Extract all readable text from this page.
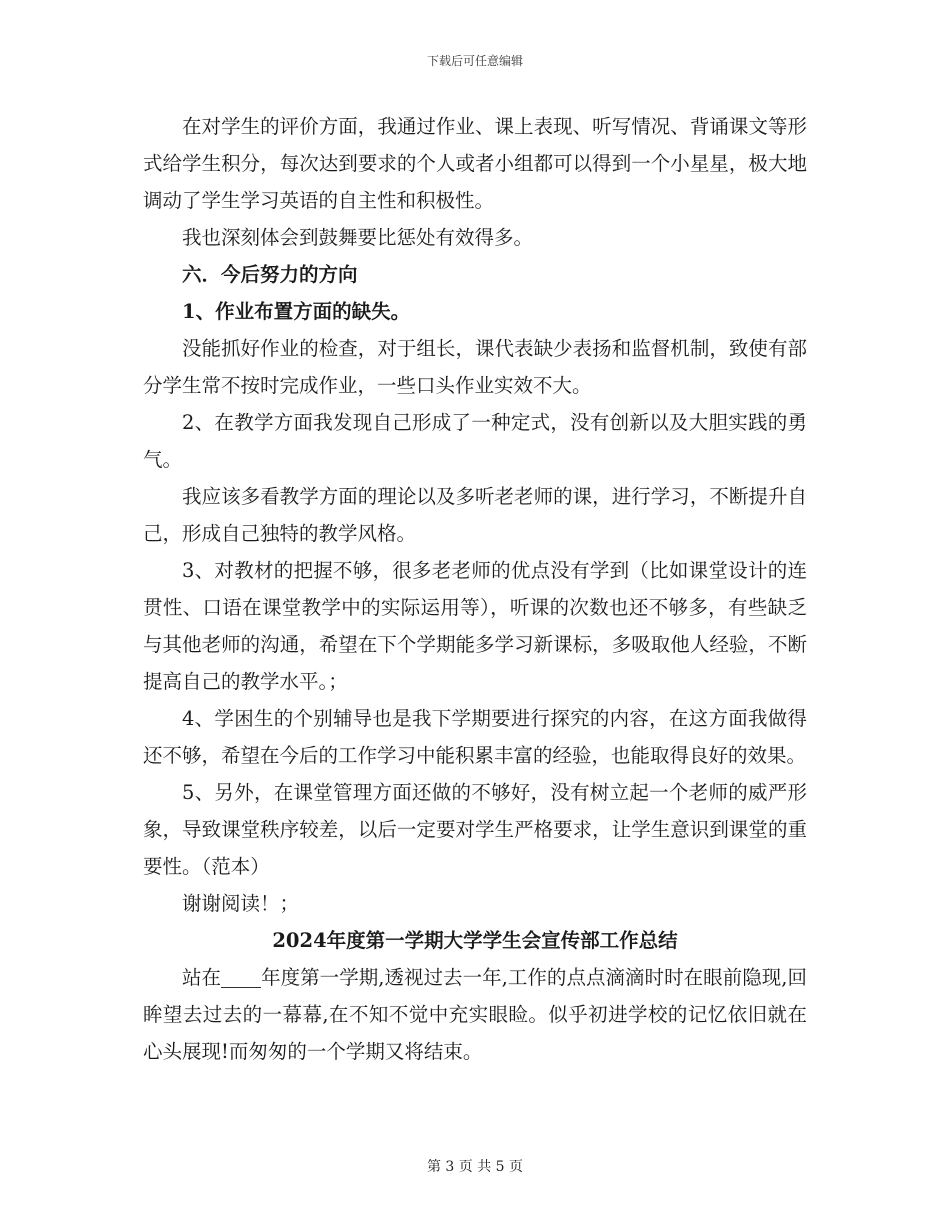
下载后可任意编辑

在对学生的评价方面，我通过作业、课上表现、听写情况、背诵课文等形式给学生积分，每次达到要求的个人或者小组都可以得到一个小星星，极大地调动了学生学习英语的自主性和积极性。

我也深刻体会到鼓舞要比惩处有效得多。

六．今后努力的方向

1、作业布置方面的缺失。

没能抓好作业的检查，对于组长，课代表缺少表扬和监督机制，致使有部分学生常不按时完成作业，一些口头作业实效不大。

2、在教学方面我发现自己形成了一种定式，没有创新以及大胆实践的勇气。

我应该多看教学方面的理论以及多听老老师的课，进行学习，不断提升自己，形成自己独特的教学风格。

3、对教材的把握不够，很多老老师的优点没有学到（比如课堂设计的连贯性、口语在课堂教学中的实际运用等），听课的次数也还不够多，有些缺乏与其他老师的沟通，希望在下个学期能多学习新课标，多吸取他人经验，不断提高自己的教学水平。；

4、学困生的个别辅导也是我下学期要进行探究的内容，在这方面我做得还不够，希望在今后的工作学习中能积累丰富的经验，也能取得良好的效果。

5、另外，在课堂管理方面还做的不够好，没有树立起一个老师的威严形象，导致课堂秩序较差，以后一定要对学生严格要求，让学生意识到课堂的重要性。（范本）

谢谢阅读！；

2024年度第一学期大学学生会宣传部工作总结

站在 年度第一学期,透视过去一年,工作的点点滴滴时时在眼前隐现,回眸望去过去的一幕幕,在不知不觉中充实眼睑。似乎初进学校的记忆依旧就在心头展现!而匆匆的一个学期又将结束。

第 3 页 共 5 页
